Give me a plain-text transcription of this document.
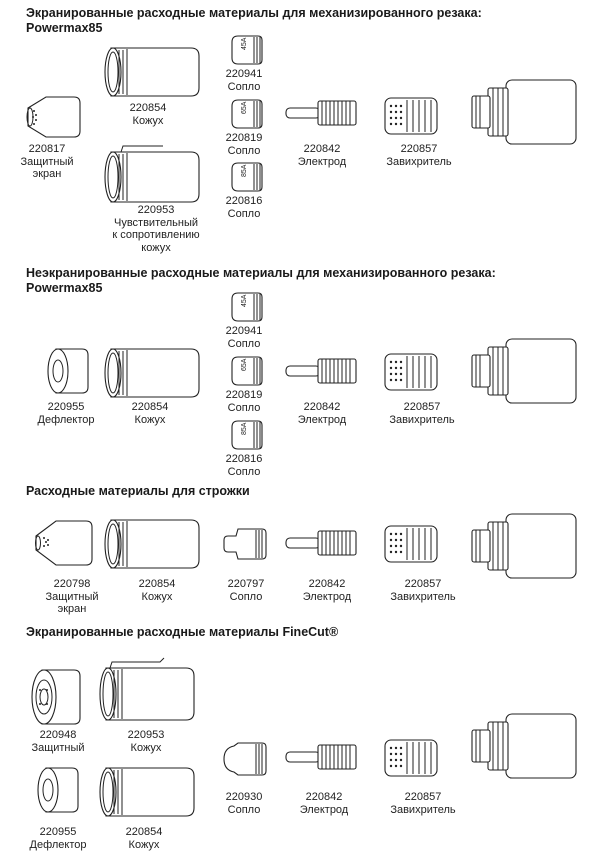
Экранированные расходные материалы для механизированного резака:
Powermax85
220817
Защитный
экран
220854
Кожух
220953
Чувствительный
к сопротивлению
кожух
45A
220941
Сопло
65A
220819
Сопло
85A
220816
Сопло
220842
Электрод
220857
Завихритель
Неэкранированные расходные материалы для механизированного резака:
Powermax85
220955
Дефлектор
220854
Кожух
45A
220941
Сопло
65A
220819
Сопло
85A
220816
Сопло
220842
Электрод
220857
Завихритель
Расходные материалы для строжки
220798
Защитный
экран
220854
Кожух
220797
Сопло
220842
Электрод
220857
Завихритель
Экранированные расходные материалы FineCut®
220948
Защитный
220953
Кожух
220955
Дефлектор
220854
Кожух
220930
Сопло
220842
Электрод
220857
Завихритель
